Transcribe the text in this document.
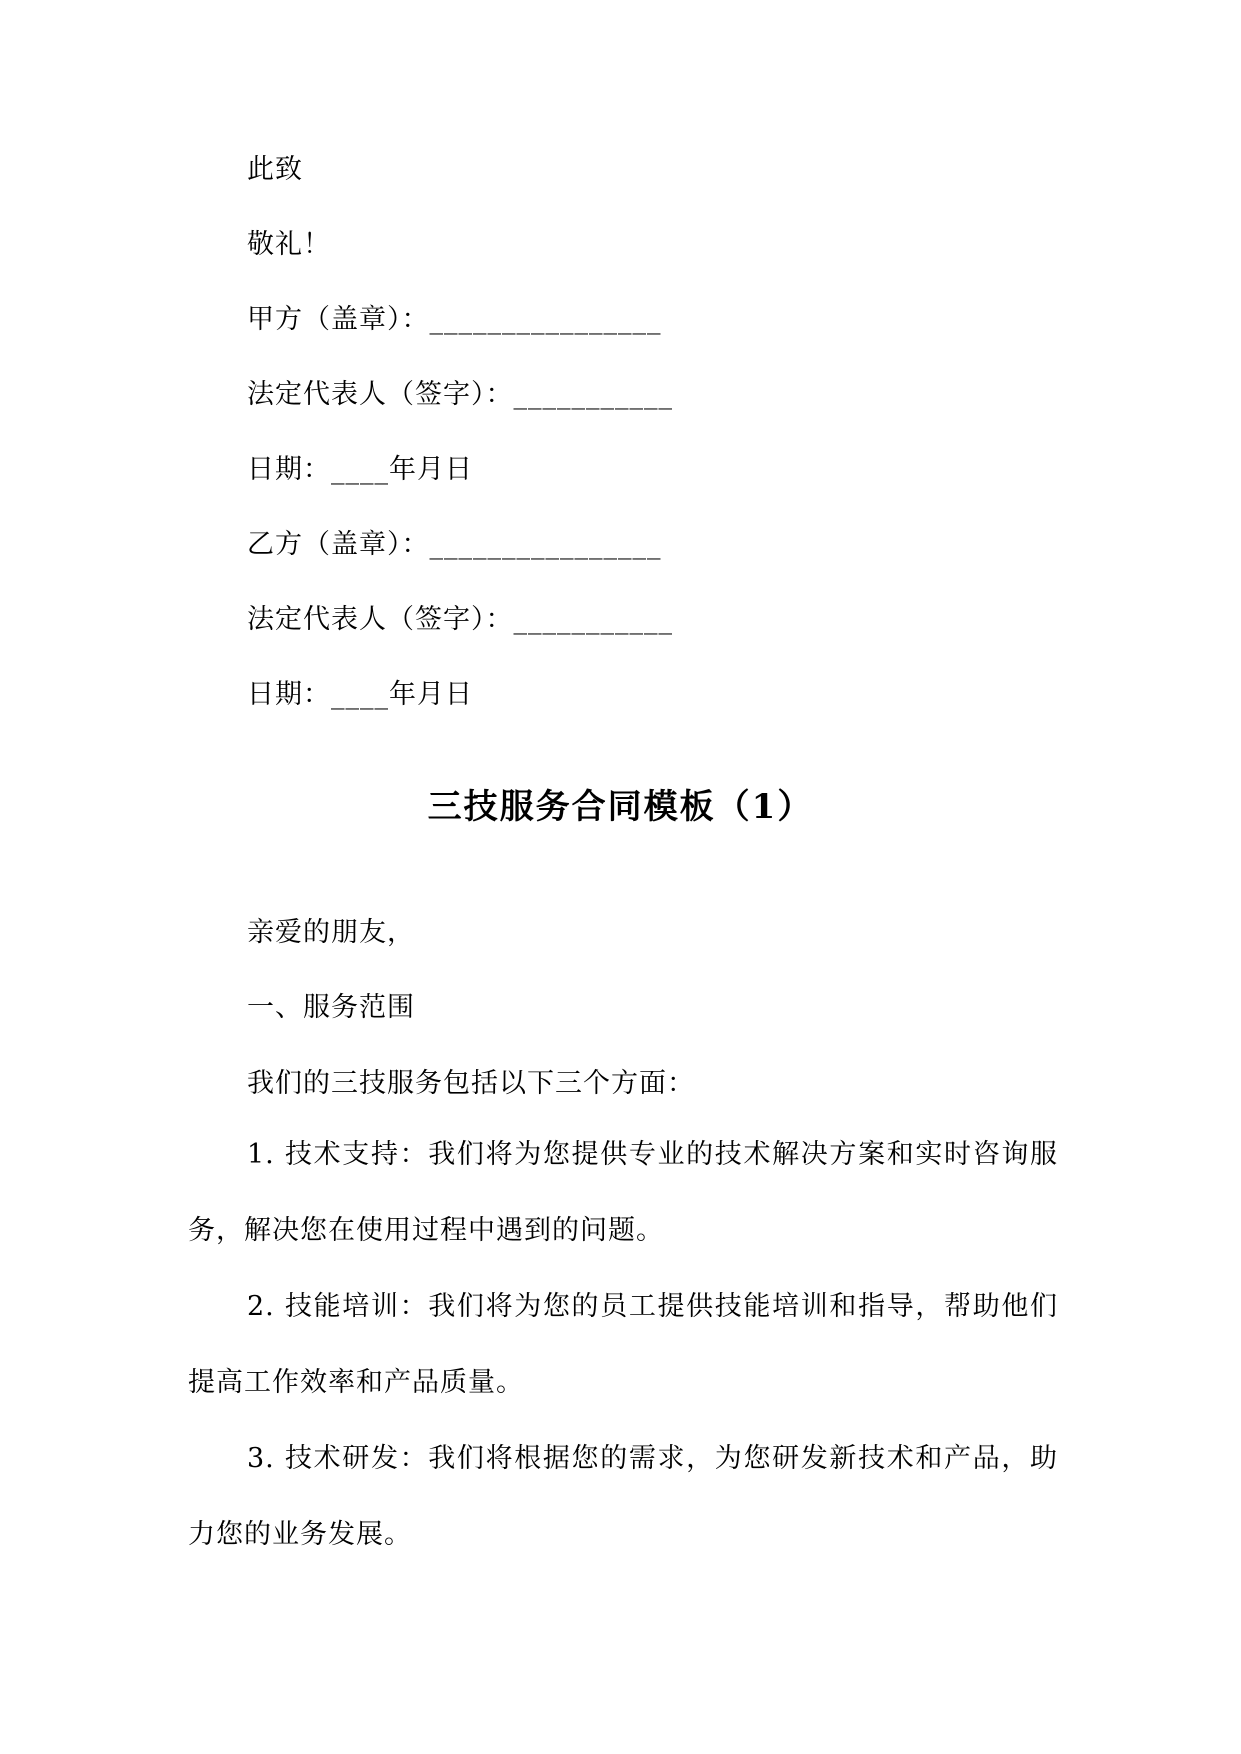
此致
敬礼！
甲方（盖章）：________________
法定代表人（签字）：___________
日期：____年月日
乙方（盖章）：________________
法定代表人（签字）：___________
日期：____年月日
三技服务合同模板（1）
亲爱的朋友，
一、服务范围
我们的三技服务包括以下三个方面：
1. 技术支持：我们将为您提供专业的技术解决方案和实时咨询服务，解决您在使用过程中遇到的问题。
2. 技能培训：我们将为您的员工提供技能培训和指导，帮助他们提高工作效率和产品质量。
3. 技术研发：我们将根据您的需求，为您研发新技术和产品，助力您的业务发展。
